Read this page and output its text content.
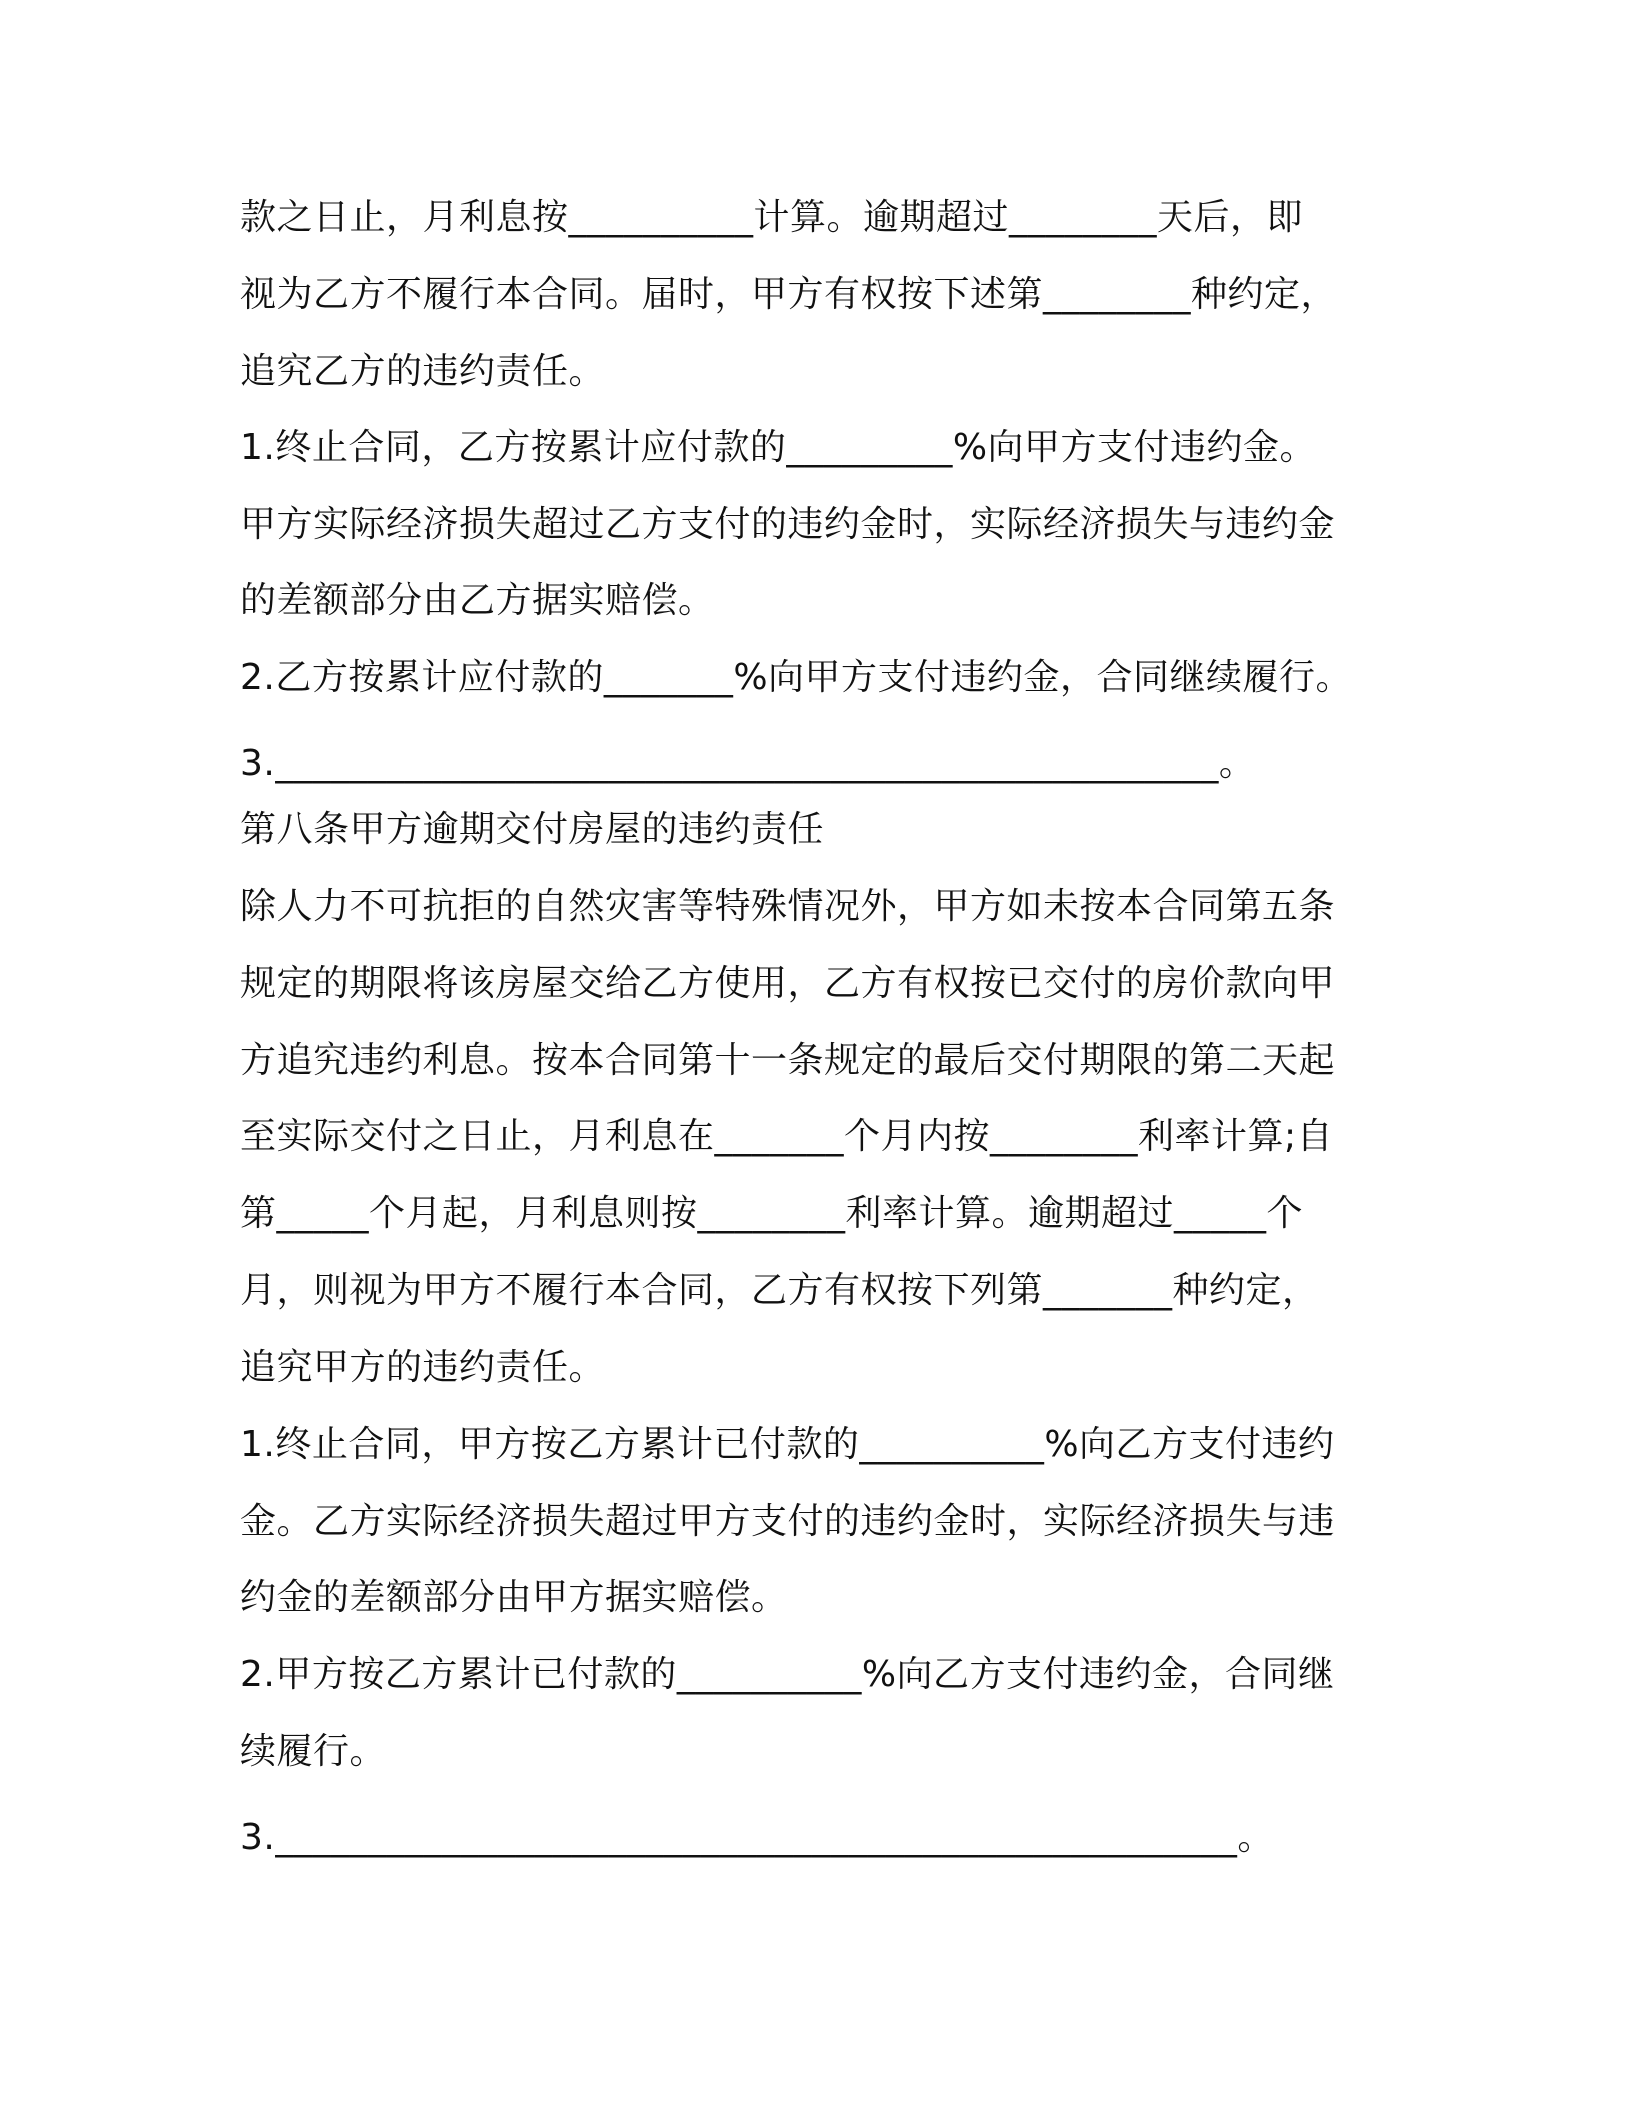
款之日止，月利息按__________计算。逾期超过________天后，即
视为乙方不履行本合同。届时，甲方有权按下述第________种约定，
追究乙方的违约责任。
1.终止合同，乙方按累计应付款的_________%向甲方支付违约金。
甲方实际经济损失超过乙方支付的违约金时，实际经济损失与违约金
的差额部分由乙方据实赔偿。
2.乙方按累计应付款的_______%向甲方支付违约金，合同继续履行。
3.___________________________________________________。
第八条甲方逾期交付房屋的违约责任
除人力不可抗拒的自然灾害等特殊情况外，甲方如未按本合同第五条
规定的期限将该房屋交给乙方使用，乙方有权按已交付的房价款向甲
方追究违约利息。按本合同第十一条规定的最后交付期限的第二天起
至实际交付之日止，月利息在_______个月内按________利率计算;自
第_____个月起，月利息则按________利率计算。逾期超过_____个
月，则视为甲方不履行本合同，乙方有权按下列第_______种约定，
追究甲方的违约责任。
1.终止合同，甲方按乙方累计已付款的__________%向乙方支付违约
金。乙方实际经济损失超过甲方支付的违约金时，实际经济损失与违
约金的差额部分由甲方据实赔偿。
2.甲方按乙方累计已付款的__________%向乙方支付违约金，合同继
续履行。
3.____________________________________________________。
